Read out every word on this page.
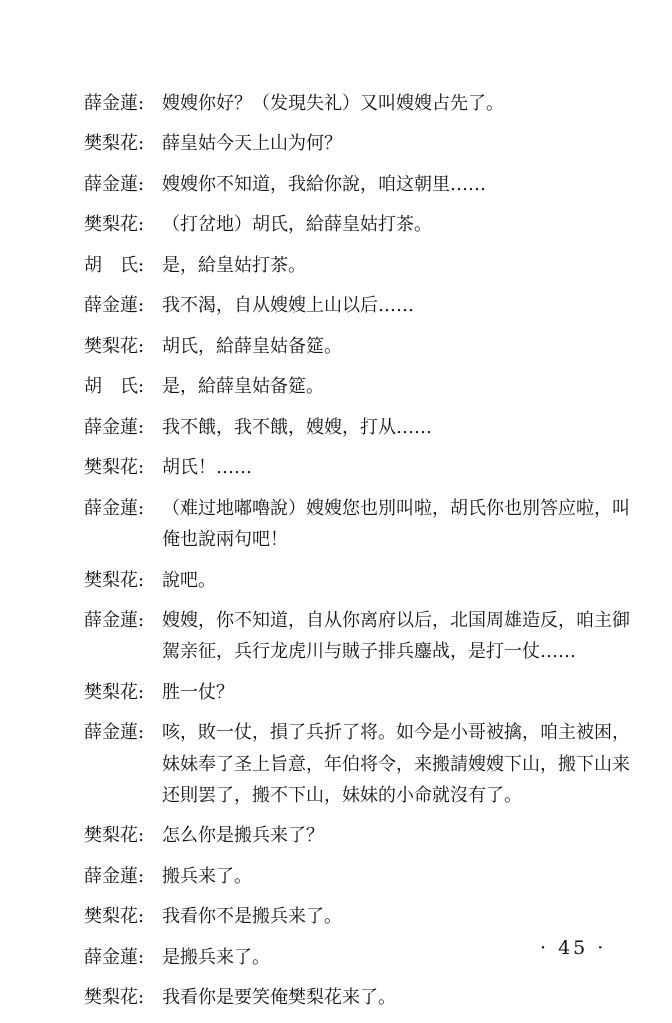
薛金蓮: 嫂嫂你好？（发現失礼）又叫嫂嫂占先了。
樊梨花: 薛皇姑今天上山为何？
薛金蓮: 嫂嫂你不知道，我給你說，咱这朝里……
樊梨花: （打岔地）胡氏，給薛皇姑打茶。
胡　氏: 是，給皇姑打茶。
薛金蓮: 我不渴，自从嫂嫂上山以后……
樊梨花: 胡氏，給薛皇姑备筵。
胡　氏: 是，給薛皇姑备筵。
薛金蓮: 我不餓，我不餓，嫂嫂，打从……
樊梨花: 胡氏！……
薛金蓮: （难过地嘟嚕說）嫂嫂您也別叫啦，胡氏你也別答应啦，叫俺也說兩句吧！
樊梨花: 說吧。
薛金蓮: 嫂嫂，你不知道，自从你离府以后，北国周雄造反，咱主御駕亲征，兵行龙虎川与賊子排兵鏖战，是打一仗……
樊梨花: 胜一仗？
薛金蓮: 咳，敗一仗，損了兵折了将。如今是小哥被擒，咱主被困，妹妹奉了圣上旨意，年伯将令，来搬請嫂嫂下山，搬下山来还則罢了，搬不下山，妹妹的小命就沒有了。
樊梨花: 怎么你是搬兵来了？
薛金蓮: 搬兵来了。
樊梨花: 我看你不是搬兵来了。
薛金蓮: 是搬兵来了。
樊梨花: 我看你是要笑俺樊梨花来了。
· 45 ·
